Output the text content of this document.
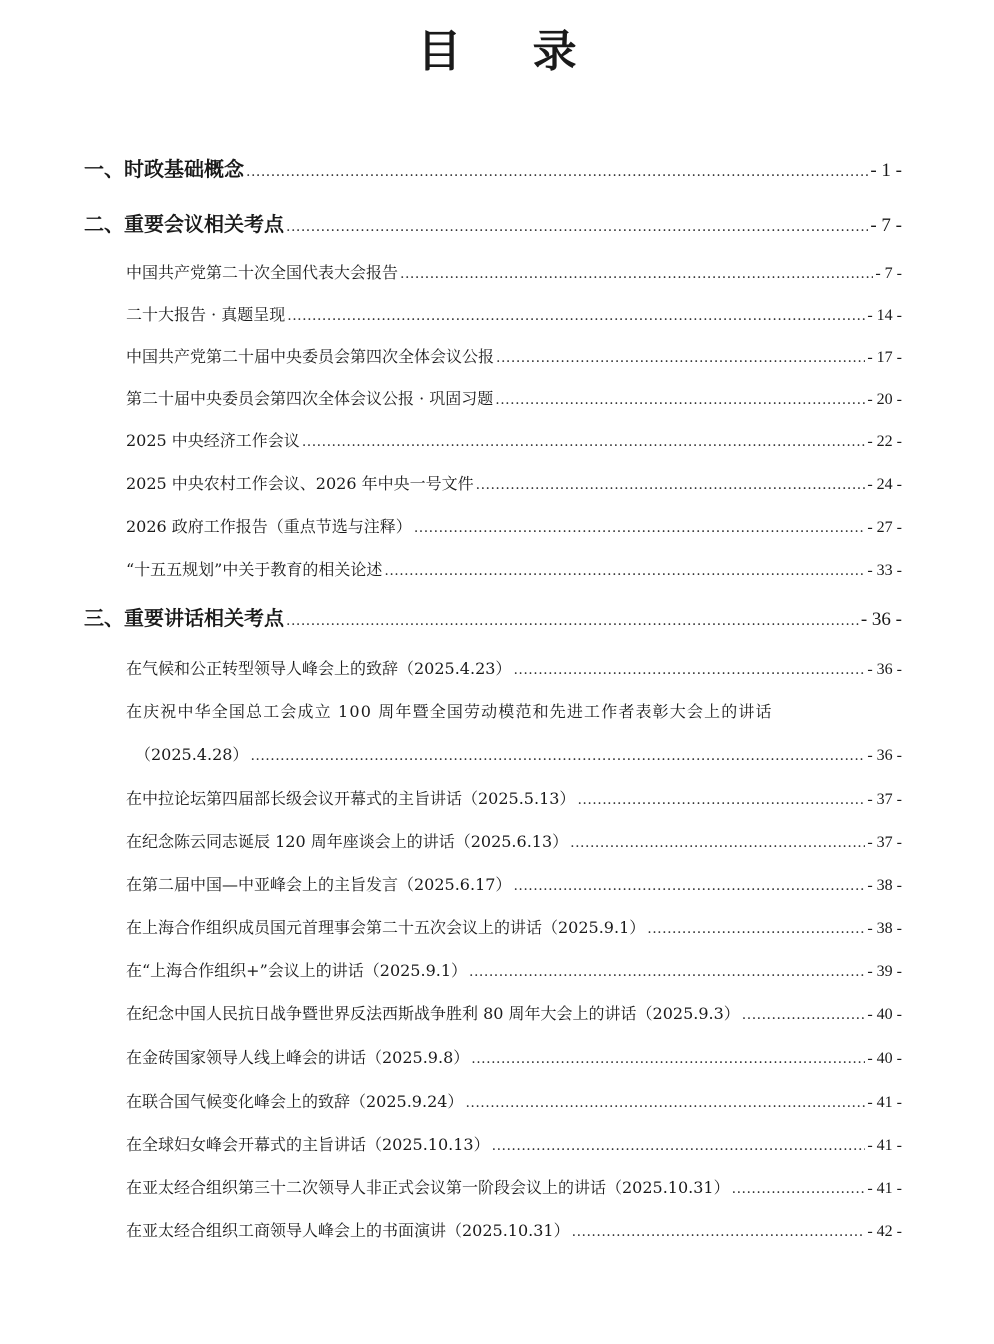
目 录
一、时政基础概念 .....	- 1 -
二、重要会议相关考点 .....	- 7 -
中国共产党第二十次全国代表大会报告 .....	- 7 -
二十大报告 · 真题呈现 .....	- 14 -
中国共产党第二十届中央委员会第四次全体会议公报 .....	- 17 -
第二十届中央委员会第四次全体会议公报 · 巩固习题 .....	- 20 -
2025 中央经济工作会议 .....	- 22 -
2025 中央农村工作会议、2026 年中央一号文件 .....	- 24 -
2026 政府工作报告（重点节选与注释） .....	- 27 -
“十五五规划”中关于教育的相关论述 .....	- 33 -
三、重要讲话相关考点 .....	- 36 -
在气候和公正转型领导人峰会上的致辞（2025.4.23） .....	- 36 -
在庆祝中华全国总工会成立 100 周年暨全国劳动模范和先进工作者表彰大会上的讲话
（2025.4.28） .....	- 36 -
在中拉论坛第四届部长级会议开幕式的主旨讲话（2025.5.13） .....	- 37 -
在纪念陈云同志诞辰 120 周年座谈会上的讲话（2025.6.13） .....	- 37 -
在第二届中国—中亚峰会上的主旨发言（2025.6.17） .....	- 38 -
在上海合作组织成员国元首理事会第二十五次会议上的讲话（2025.9.1） .....	- 38 -
在“上海合作组织+”会议上的讲话（2025.9.1） .....	- 39 -
在纪念中国人民抗日战争暨世界反法西斯战争胜利 80 周年大会上的讲话（2025.9.3） .....	- 40 -
在金砖国家领导人线上峰会的讲话（2025.9.8） .....	- 40 -
在联合国气候变化峰会上的致辞（2025.9.24） .....	- 41 -
在全球妇女峰会开幕式的主旨讲话（2025.10.13） .....	- 41 -
在亚太经合组织第三十二次领导人非正式会议第一阶段会议上的讲话（2025.10.31） .....	- 41 -
在亚太经合组织工商领导人峰会上的书面演讲（2025.10.31） .....	- 42 -
